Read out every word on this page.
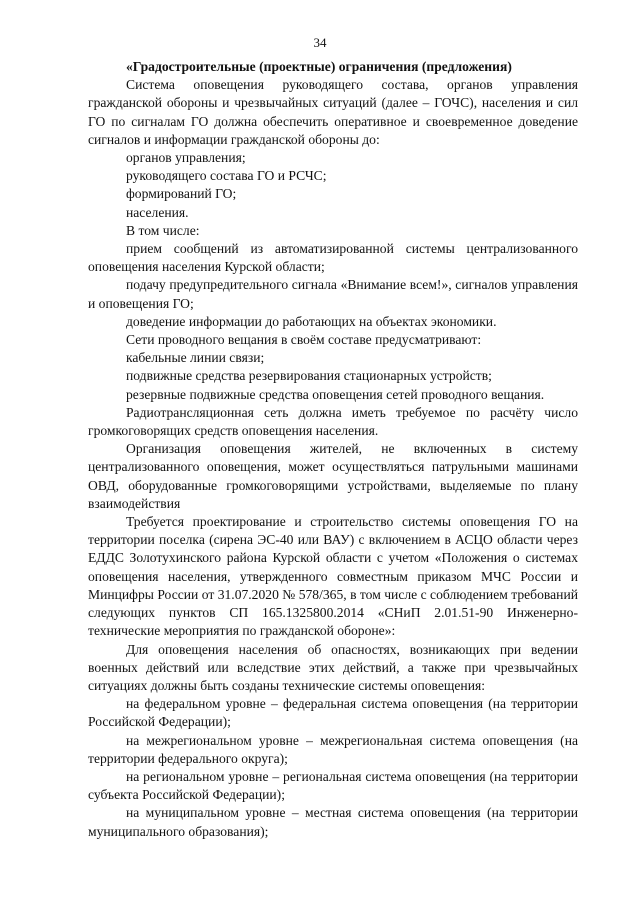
34

«Градостроительные (проектные) ограничения (предложения)

Система оповещения руководящего состава, органов управления гражданской обороны и чрезвычайных ситуаций (далее – ГОЧС), населения и сил ГО по сигналам ГО должна обеспечить оперативное и своевременное доведение сигналов и информации гражданской обороны до:

органов управления;

руководящего состава ГО и РСЧС;

формирований ГО;

населения.

В том числе:

прием сообщений из автоматизированной системы централизованного оповещения населения Курской области;

подачу предупредительного сигнала «Внимание всем!», сигналов управления и оповещения ГО;

доведение информации до работающих на объектах экономики.

Сети проводного вещания в своём составе предусматривают:

кабельные линии связи;

подвижные средства резервирования стационарных устройств;

резервные подвижные средства оповещения сетей проводного вещания.

Радиотрансляционная сеть должна иметь требуемое по расчёту число громкоговорящих средств оповещения населения.

Организация оповещения жителей, не включенных в систему централизованного оповещения, может осуществляться патрульными машинами ОВД, оборудованные громкоговорящими устройствами, выделяемые по плану взаимодействия

Требуется проектирование и строительство системы оповещения ГО на территории поселка (сирена ЭС-40 или ВАУ) с включением в АСЦО области через ЕДДС Золотухинского района Курской области с учетом «Положения о системах оповещения населения, утвержденного совместным приказом МЧС России и Минцифры России от 31.07.2020 № 578/365, в том числе с соблюдением требований следующих пунктов СП 165.1325800.2014 «СНиП 2.01.51-90 Инженерно-технические мероприятия по гражданской обороне»:

Для оповещения населения об опасностях, возникающих при ведении военных действий или вследствие этих действий, а также при чрезвычайных ситуациях должны быть созданы технические системы оповещения:

на федеральном уровне – федеральная система оповещения (на территории Российской Федерации);

на межрегиональном уровне – межрегиональная система оповещения (на территории федерального округа);

на региональном уровне – региональная система оповещения (на территории субъекта Российской Федерации);

на муниципальном уровне – местная система оповещения (на территории муниципального образования);
